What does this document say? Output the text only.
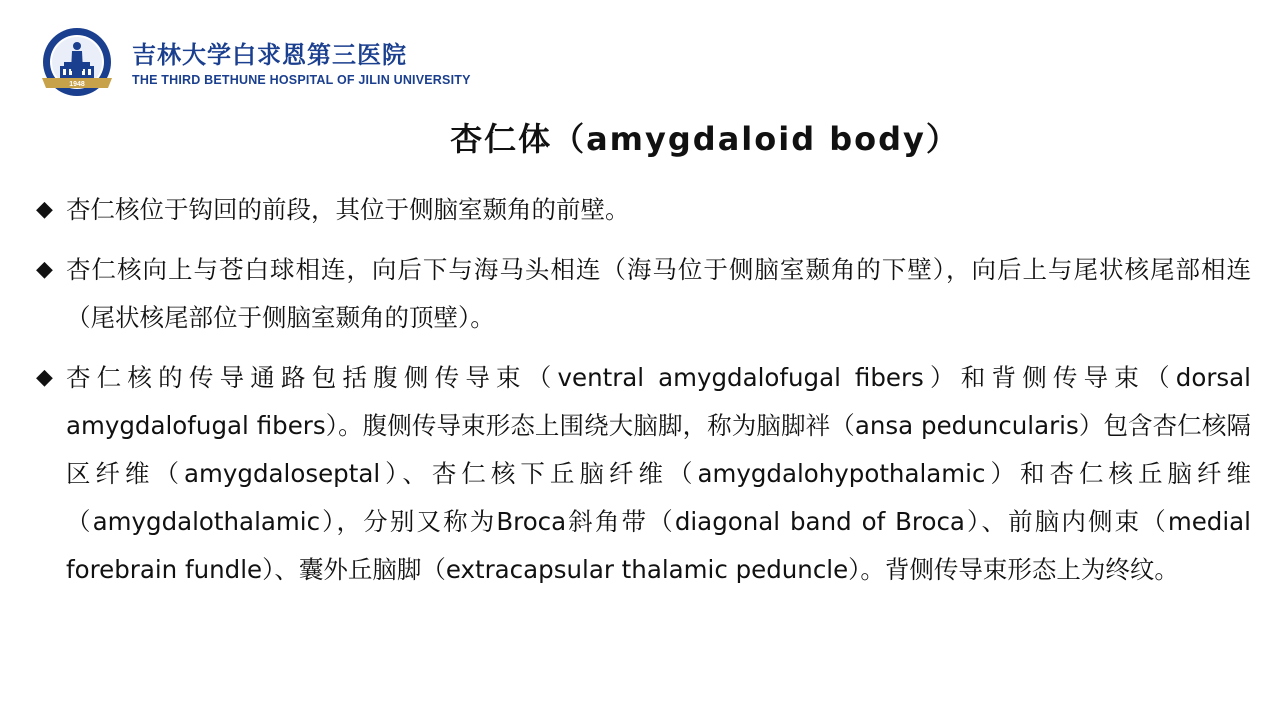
1948
吉林大学白求恩第三医院
THE THIRD BETHUNE HOSPITAL OF JILIN UNIVERSITY
杏仁体（amygdaloid body）
◆ 杏仁核位于钩回的前段，其位于侧脑室颞角的前壁。
◆ 杏仁核向上与苍白球相连，向后下与海马头相连（海马位于侧脑室颞角的下壁），向后上与尾状核尾部相连（尾状核尾部位于侧脑室颞角的顶壁）。
◆ 杏仁核的传导通路包括腹侧传导束（ventral amygdalofugal fibers）和背侧传导束（dorsal amygdalofugal fibers）。腹侧传导束形态上围绕大脑脚，称为脑脚袢（ansa peduncularis）包含杏仁核隔区纤维（amygdaloseptal）、杏仁核下丘脑纤维（amygdalohypothalamic）和杏仁核丘脑纤维（amygdalothalamic），分别又称为Broca斜角带（diagonal band of Broca）、前脑内侧束（medial forebrain fundle）、囊外丘脑脚（extracapsular thalamic peduncle）。背侧传导束形态上为终纹。
